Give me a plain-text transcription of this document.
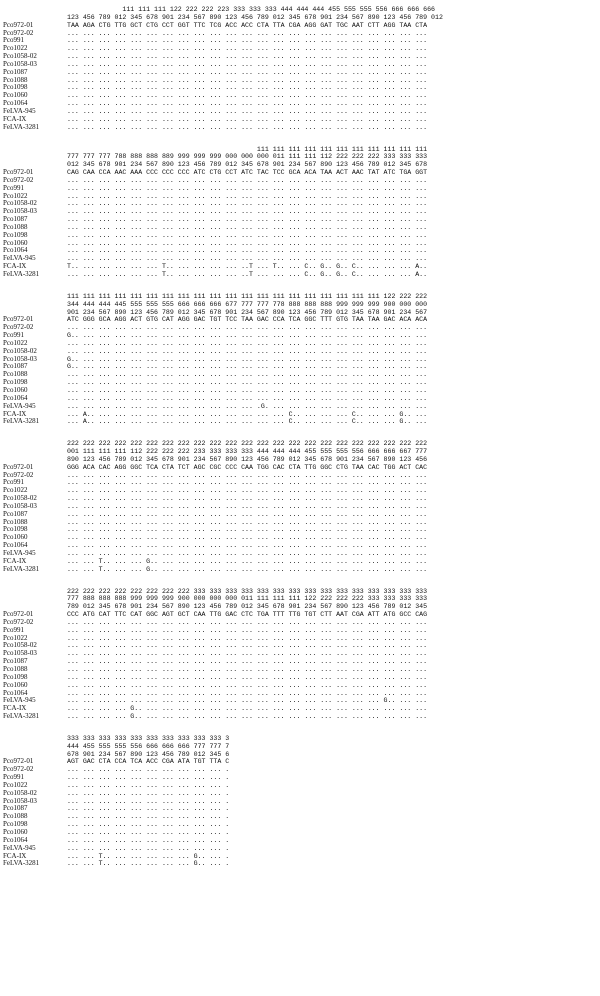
111 111 111 122 222 222 223 333 333 333 444 444 444 455 555 555 556 666 666 666
123 456 789 012 345 678 901 234 567 890 123 456 789 012 345 678 901 234 567 890 123 456 789 012
Pco972-01	TAA AGA CTG TTG GCT CTG CCT GGT TTC TCG ACC ACC CTA TTA CGA AGG GAT TGC AAT CTT AGG TAA CTA
Pco972-02	... ... ... ... ... ... ... ... ... ... ... ... ... ... ... ... ... ... ... ... ... ... ...
Pco991	... ... ... ... ... ... ... ... ... ... ... ... ... ... ... ... ... ... ... ... ... ... ...
Pco1022	... ... ... ... ... ... ... ... ... ... ... ... ... ... ... ... ... ... ... ... ... ... ...
Pco1058-02	... ... ... ... ... ... ... ... ... ... ... ... ... ... ... ... ... ... ... ... ... ... ...
Pco1058-03	... ... ... ... ... ... ... ... ... ... ... ... ... ... ... ... ... ... ... ... ... ... ...
Pco1087	... ... ... ... ... ... ... ... ... ... ... ... ... ... ... ... ... ... ... ... ... ... ...
Pco1088	... ... ... ... ... ... ... ... ... ... ... ... ... ... ... ... ... ... ... ... ... ... ...
Pco1098	... ... ... ... ... ... ... ... ... ... ... ... ... ... ... ... ... ... ... ... ... ... ...
Pco1060	... ... ... ... ... ... ... ... ... ... ... ... ... ... ... ... ... ... ... ... ... ... ...
Pco1064	... ... ... ... ... ... ... ... ... ... ... ... ... ... ... ... ... ... ... ... ... ... ...
FeLVA-945	... ... ... ... ... ... ... ... ... ... ... ... ... ... ... ... ... ... ... ... ... ... ...
FCA-IX	... ... ... ... ... ... ... ... ... ... ... ... ... ... ... ... ... ... ... ... ... ... ...
FeLVA-3281	... ... ... ... ... ... ... ... ... ... ... ... ... ... ... ... ... ... ... ... ... ... ...
111 111 111 111 111 111 111 111 111 111 111
777 777 777 788 888 888 889 999 999 999 000 000 000 011 111 111 112 222 222 222 333 333 333
012 345 678 901 234 567 890 123 456 789 012 345 678 901 234 567 890 123 456 789 012 345 678
Pco972-01	CAG CAA CCA AAC AAA CCC CCC CCC ATC CTG CCT ATC TAC TCC GCA ACA TAA ACT AAC TAT ATC TGA GGT
Pco972-02	... ... ... ... ... ... ... ... ... ... ... ... ... ... ... ... ... ... ... ... ... ... ...
Pco991	... ... ... ... ... ... ... ... ... ... ... ... ... ... ... ... ... ... ... ... ... ... ...
Pco1022	... ... ... ... ... ... ... ... ... ... ... ... ... ... ... ... ... ... ... ... ... ... ...
Pco1058-02	... ... ... ... ... ... ... ... ... ... ... ... ... ... ... ... ... ... ... ... ... ... ...
Pco1058-03	... ... ... ... ... ... ... ... ... ... ... ... ... ... ... ... ... ... ... ... ... ... ...
Pco1087	... ... ... ... ... ... ... ... ... ... ... ... ... ... ... ... ... ... ... ... ... ... ...
Pco1088	... ... ... ... ... ... ... ... ... ... ... ... ... ... ... ... ... ... ... ... ... ... ...
Pco1098	... ... ... ... ... ... ... ... ... ... ... ... ... ... ... ... ... ... ... ... ... ... ...
Pco1060	... ... ... ... ... ... ... ... ... ... ... ... ... ... ... ... ... ... ... ... ... ... ...
Pco1064	... ... ... ... ... ... ... ... ... ... ... ... ... ... ... ... ... ... ... ... ... ... ...
FeLVA-945	... ... ... ... ... ... ... ... ... ... ... ... ... ... ... ... ... ... ... ... ... ... ...
FCA-IX	T.. ... ... ... ... ... T.. ... ... ... ... ..T ... T.. ... C.. G.. G.. C.. ... ... ... A..
FeLVA-3281	... ... ... ... ... ... T.. ... ... ... ... ..T ... ... ... C.. G.. G.. C.. ... ... ... A..
111 111 111 111 111 111 111 111 111 111 111 111 111 111 111 111 111 111 111 111 122 222 222
344 444 444 445 555 555 555 666 666 666 677 777 777 778 888 888 888 999 999 999 900 000 000
901 234 567 890 123 456 789 012 345 678 901 234 567 890 123 456 789 012 345 678 901 234 567
Pco972-01	ATC GGG GCA AGG ACT GTG CAT AGG GAC TGT TCC TAA GAC CCA TCA GGC TTT GTG TAA TAA GAC ACA ACA
Pco972-02	... ... ... ... ... ... ... ... ... ... ... ... ... ... ... ... ... ... ... ... ... ... ...
Pco991	G.. ... ... ... ... ... ... ... ... ... ... ... ... ... ... ... ... ... ... ... ... ... ...
Pco1022	... ... ... ... ... ... ... ... ... ... ... ... ... ... ... ... ... ... ... ... ... ... ...
Pco1058-02	... ... ... ... ... ... ... ... ... ... ... ... ... ... ... ... ... ... ... ... ... ... ...
Pco1058-03	G.. ... ... ... ... ... ... ... ... ... ... ... ... ... ... ... ... ... ... ... ... ... ...
Pco1087	G.. ... ... ... ... ... ... ... ... ... ... ... ... ... ... ... ... ... ... ... ... ... ...
Pco1088	... ... ... ... ... ... ... ... ... ... ... ... ... ... ... ... ... ... ... ... ... ... ...
Pco1098	... ... ... ... ... ... ... ... ... ... ... ... ... ... ... ... ... ... ... ... ... ... ...
Pco1060	... ... ... ... ... ... ... ... ... ... ... ... ... ... ... ... ... ... ... ... ... ... ...
Pco1064	... ... ... ... ... ... ... ... ... ... ... ... ... ... ... ... ... ... ... ... ... ... ...
FeLVA-945	... ... ... ... ... ... ... ... ... ... ... ... .G. ... ... ... ... ... ... ... ... ... ...
FCA-IX	... A.. ... ... ... ... ... ... ... ... ... ... ... ... C.. ... ... ... C.. ... ... G.. ...
FeLVA-3281	... A.. ... ... ... ... ... ... ... ... ... ... ... ... C.. ... ... ... C.. ... ... G.. ...
222 222 222 222 222 222 222 222 222 222 222 222 222 222 222 222 222 222 222 222 222 222 222
001 111 111 111 112 222 222 222 233 333 333 333 444 444 444 455 555 555 556 666 666 667 777
890 123 456 789 012 345 678 901 234 567 890 123 456 789 012 345 678 901 234 567 890 123 456
Pco972-01	GGG ACA CAC AGG GGC TCA CTA TCT AGC CGC CCC CAA TGG CAC CTA TTG GGC CTG TAA CAC TGG ACT CAC
Pco972-02	... ... ... ... ... ... ... ... ... ... ... ... ... ... ... ... ... ... ... ... ... ... ...
Pco991	... ... ... ... ... ... ... ... ... ... ... ... ... ... ... ... ... ... ... ... ... ... ...
Pco1022	... ... ... ... ... ... ... ... ... ... ... ... ... ... ... ... ... ... ... ... ... ... ...
Pco1058-02	... ... ... ... ... ... ... ... ... ... ... ... ... ... ... ... ... ... ... ... ... ... ...
Pco1058-03	... ... ... ... ... ... ... ... ... ... ... ... ... ... ... ... ... ... ... ... ... ... ...
Pco1087	... ... ... ... ... ... ... ... ... ... ... ... ... ... ... ... ... ... ... ... ... ... ...
Pco1088	... ... ... ... ... ... ... ... ... ... ... ... ... ... ... ... ... ... ... ... ... ... ...
Pco1098	... ... ... ... ... ... ... ... ... ... ... ... ... ... ... ... ... ... ... ... ... ... ...
Pco1060	... ... ... ... ... ... ... ... ... ... ... ... ... ... ... ... ... ... ... ... ... ... ...
Pco1064	... ... ... ... ... ... ... ... ... ... ... ... ... ... ... ... ... ... ... ... ... ... ...
FeLVA-945	... ... ... ... ... ... ... ... ... ... ... ... ... ... ... ... ... ... ... ... ... ... ...
FCA-IX	... ... T.. ... ... G.. ... ... ... ... ... ... ... ... ... ... ... ... ... ... ... ... ...
FeLVA-3281	... ... T.. ... ... G.. ... ... ... ... ... ... ... ... ... ... ... ... ... ... ... ... ...
222 222 222 222 222 222 222 222 333 333 333 333 333 333 333 333 333 333 333 333 333 333 333
777 888 888 888 999 999 999 900 000 000 000 011 111 111 111 122 222 222 222 333 333 333 333
789 012 345 678 901 234 567 890 123 456 789 012 345 678 901 234 567 890 123 456 789 012 345
Pco972-01	CCC ATG CAT TTC CAT GGC AGT GCT CAA TTG GAC CTC TGA TTT TTG TGT CTT AAT CGA ATT ATG GCC CAG
Pco972-02	... ... ... ... ... ... ... ... ... ... ... ... ... ... ... ... ... ... ... ... ... ... ...
Pco991	... ... ... ... ... ... ... ... ... ... ... ... ... ... ... ... ... ... ... ... ... ... ...
Pco1022	... ... ... ... ... ... ... ... ... ... ... ... ... ... ... ... ... ... ... ... ... ... ...
Pco1058-02	... ... ... ... ... ... ... ... ... ... ... ... ... ... ... ... ... ... ... ... ... ... ...
Pco1058-03	... ... ... ... ... ... ... ... ... ... ... ... ... ... ... ... ... ... ... ... ... ... ...
Pco1087	... ... ... ... ... ... ... ... ... ... ... ... ... ... ... ... ... ... ... ... ... ... ...
Pco1088	... ... ... ... ... ... ... ... ... ... ... ... ... ... ... ... ... ... ... ... ... ... ...
Pco1098	... ... ... ... ... ... ... ... ... ... ... ... ... ... ... ... ... ... ... ... ... ... ...
Pco1060	... ... ... ... ... ... ... ... ... ... ... ... ... ... ... ... ... ... ... ... ... ... ...
Pco1064	... ... ... ... ... ... ... ... ... ... ... ... ... ... ... ... ... ... ... ... ... ... ...
FeLVA-945	... ... ... ... ... ... ... ... ... ... ... ... ... ... ... ... ... ... ... ... G.. ... ...
FCA-IX	... ... ... ... G.. ... ... ... ... ... ... ... ... ... ... ... ... ... ... ... ... ... ...
FeLVA-3281	... ... ... ... G.. ... ... ... ... ... ... ... ... ... ... ... ... ... ... ... ... ... ...
333 333 333 333 333 333 333 333 333 333 3
444 455 555 555 556 666 666 666 777 777 7
678 901 234 567 890 123 456 789 012 345 6
Pco972-01	AGT GAC CTA CCA TCA ACC CGA ATA TGT TTA C
Pco972-02	... ... ... ... ... ... ... ... ... ... .
Pco991	... ... ... ... ... ... ... ... ... ... .
Pco1022	... ... ... ... ... ... ... ... ... ... .
Pco1058-02	... ... ... ... ... ... ... ... ... ... .
Pco1058-03	... ... ... ... ... ... ... ... ... ... .
Pco1087	... ... ... ... ... ... ... ... ... ... .
Pco1088	... ... ... ... ... ... ... ... ... ... .
Pco1098	... ... ... ... ... ... ... ... ... ... .
Pco1060	... ... ... ... ... ... ... ... ... ... .
Pco1064	... ... ... ... ... ... ... ... ... ... .
FeLVA-945	... ... ... ... ... ... ... ... ... ... .
FCA-IX	... ... T.. ... ... ... ... ... G.. ... .
FeLVA-3281	... ... T.. ... ... ... ... ... G.. ... .
